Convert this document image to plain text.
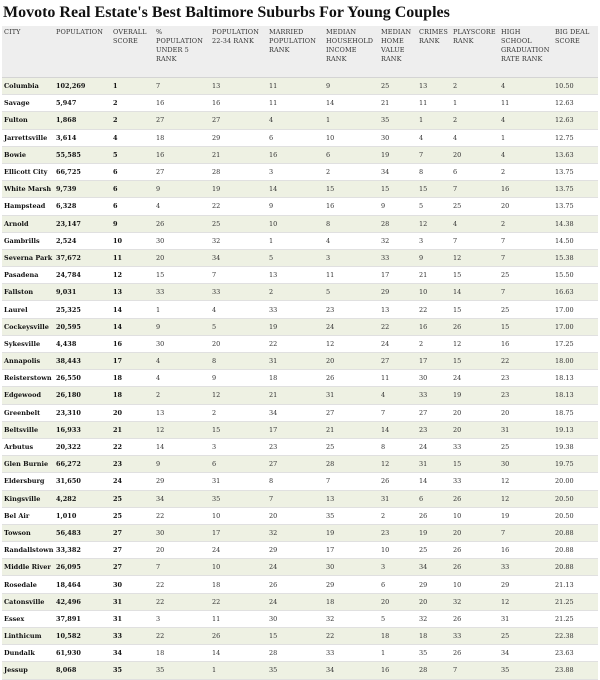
Movoto Real Estate's Best Baltimore Suburbs For Young Couples
CITY	POPULATION	OVERALL SCORE	% POPULATION UNDER 5 RANK	POPULATION 22-34 RANK	MARRIED POPULATION RANK	MEDIAN HOUSEHOLD INCOME RANK	MEDIAN HOME VALUE RANK	CRIMES RANK	PLAYSCORE RANK	HIGH SCHOOL GRADUATION RATE RANK	BIG DEAL SCORE
Columbia	102,269	1	7	13	11	9	25	13	2	4	10.50
Savage	5,947	2	16	16	11	14	21	11	1	11	12.63
Fulton	1,868	2	27	27	4	1	35	1	2	4	12.63
Jarrettsville	3,614	4	18	29	6	10	30	4	4	1	12.75
Bowie	55,585	5	16	21	16	6	19	7	20	4	13.63
Ellicott City	66,725	6	27	28	3	2	34	8	6	2	13.75
White Marsh	9,739	6	9	19	14	15	15	15	7	16	13.75
Hampstead	6,328	6	4	22	9	16	9	5	25	20	13.75
Arnold	23,147	9	26	25	10	8	28	12	4	2	14.38
Gambrills	2,524	10	30	32	1	4	32	3	7	7	14.50
Severna Park	37,672	11	20	34	5	3	33	9	12	7	15.38
Pasadena	24,784	12	15	7	13	11	17	21	15	25	15.50
Fallston	9,031	13	33	33	2	5	29	10	14	7	16.63
Laurel	25,325	14	1	4	33	23	13	22	15	25	17.00
Cockeysville	20,595	14	9	5	19	24	22	16	26	15	17.00
Sykesville	4,438	16	30	20	22	12	24	2	12	16	17.25
Annapolis	38,443	17	4	8	31	20	27	17	15	22	18.00
Reisterstown	26,550	18	4	9	18	26	11	30	24	23	18.13
Edgewood	26,180	18	2	12	21	31	4	33	19	23	18.13
Greenbelt	23,310	20	13	2	34	27	7	27	20	20	18.75
Beltsville	16,933	21	12	15	17	21	14	23	20	31	19.13
Arbutus	20,322	22	14	3	23	25	8	24	33	25	19.38
Glen Burnie	66,272	23	9	6	27	28	12	31	15	30	19.75
Eldersburg	31,650	24	29	31	8	7	26	14	33	12	20.00
Kingsville	4,282	25	34	35	7	13	31	6	26	12	20.50
Bel Air	1,010	25	22	10	20	35	2	26	10	19	20.50
Towson	56,483	27	30	17	32	19	23	19	20	7	20.88
Randallstown	33,382	27	20	24	29	17	10	25	26	16	20.88
Middle River	26,095	27	7	10	24	30	3	34	26	33	20.88
Rosedale	18,464	30	22	18	26	29	6	29	10	29	21.13
Catonsville	42,496	31	22	22	24	18	20	20	32	12	21.25
Essex	37,891	31	3	11	30	32	5	32	26	31	21.25
Linthicum	10,582	33	22	26	15	22	18	18	33	25	22.38
Dundalk	61,930	34	18	14	28	33	1	35	26	34	23.63
Jessup	8,068	35	35	1	35	34	16	28	7	35	23.88
